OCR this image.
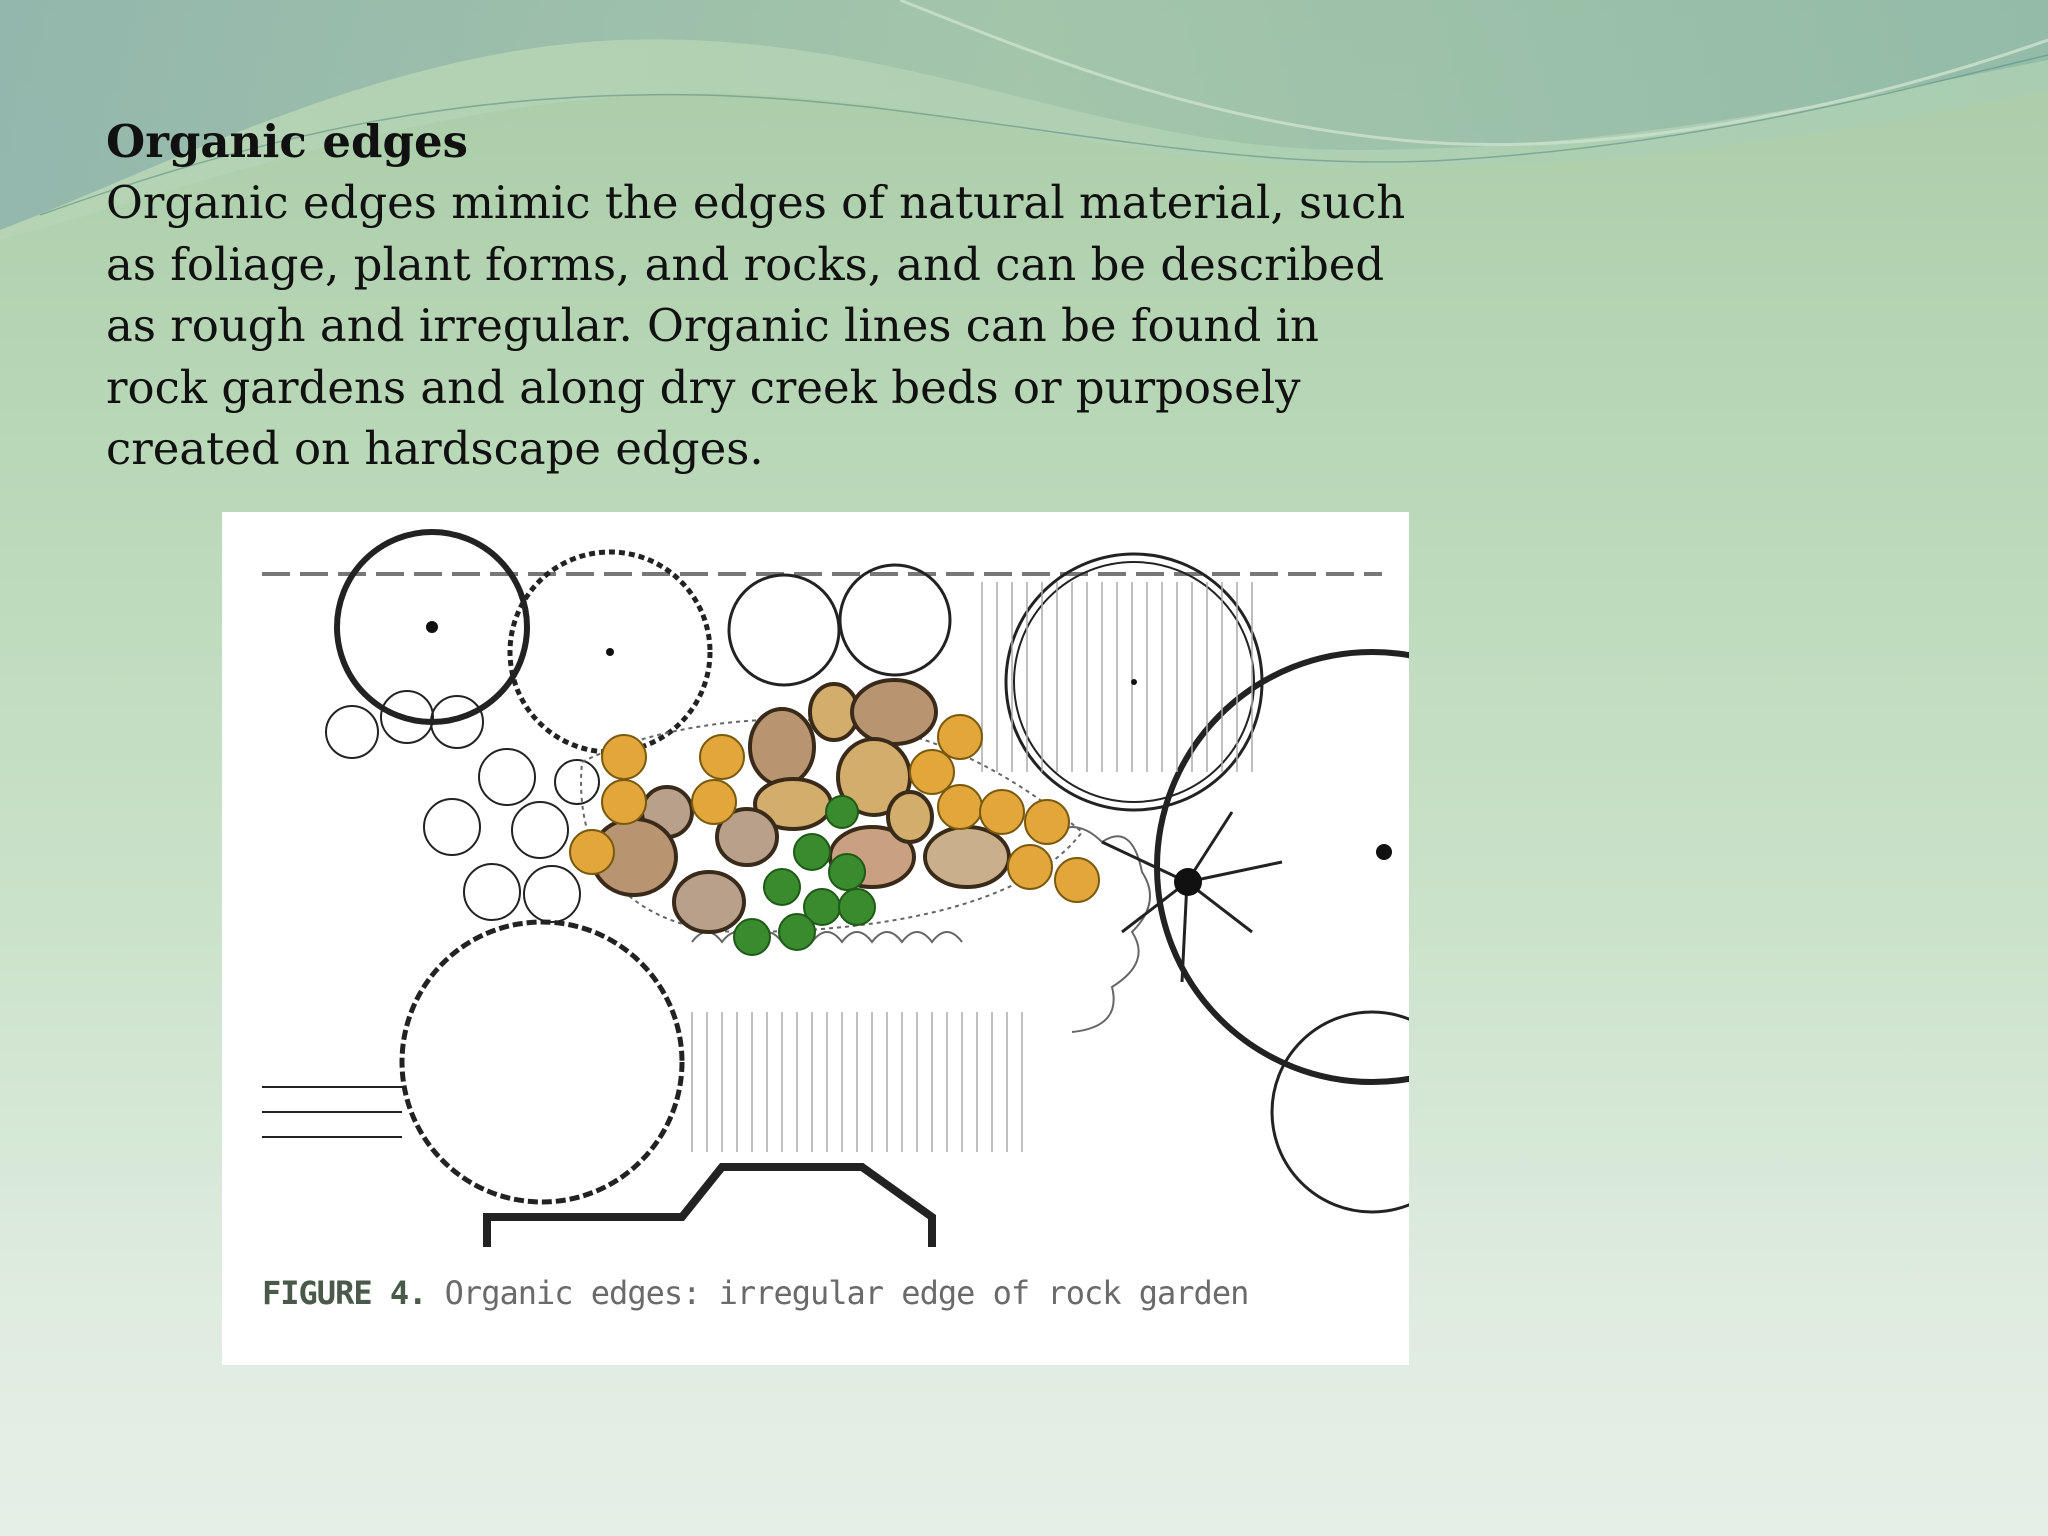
Organic edges

Organic edges mimic the edges of natural material, such as foliage, plant forms, and rocks, and can be described as rough and irregular. Organic lines can be found in rock gardens and along dry creek beds or purposely created on hardscape edges.

FIGURE 4. Organic edges: irregular edge of rock garden
